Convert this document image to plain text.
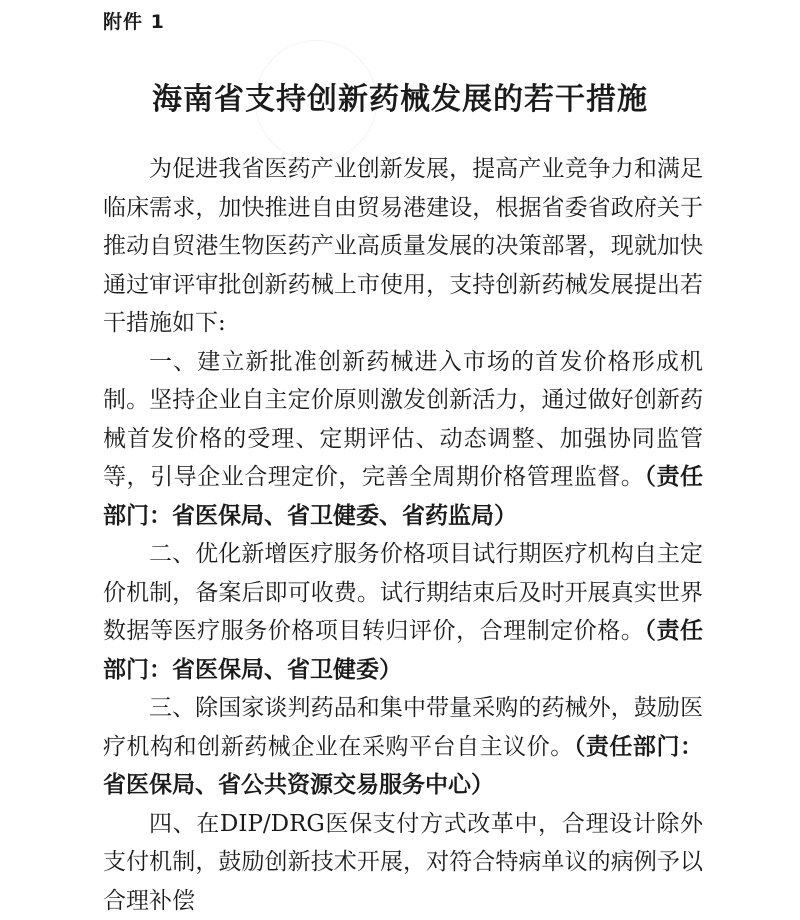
附件 1
海南省支持创新药械发展的若干措施

为促进我省医药产业创新发展，提高产业竞争力和满足临床需求，加快推进自由贸易港建设，根据省委省政府关于推动自贸港生物医药产业高质量发展的决策部署，现就加快通过审评审批创新药械上市使用，支持创新药械发展提出若干措施如下:

一、建立新批准创新药械进入市场的首发价格形成机制。坚持企业自主定价原则激发创新活力，通过做好创新药械首发价格的受理、定期评估、动态调整、加强协同监管等，引导企业合理定价，完善全周期价格管理监督。（责任部门：省医保局、省卫健委、省药监局）

二、优化新增医疗服务价格项目试行期医疗机构自主定价机制，备案后即可收费。试行期结束后及时开展真实世界数据等医疗服务价格项目转归评价，合理制定价格。（责任部门：省医保局、省卫健委）

三、除国家谈判药品和集中带量采购的药械外，鼓励医疗机构和创新药械企业在采购平台自主议价。（责任部门：省医保局、省公共资源交易服务中心）

四、在DIP/DRG医保支付方式改革中，合理设计除外支付机制，鼓励创新技术开展，对符合特病单议的病例予以合理补偿
